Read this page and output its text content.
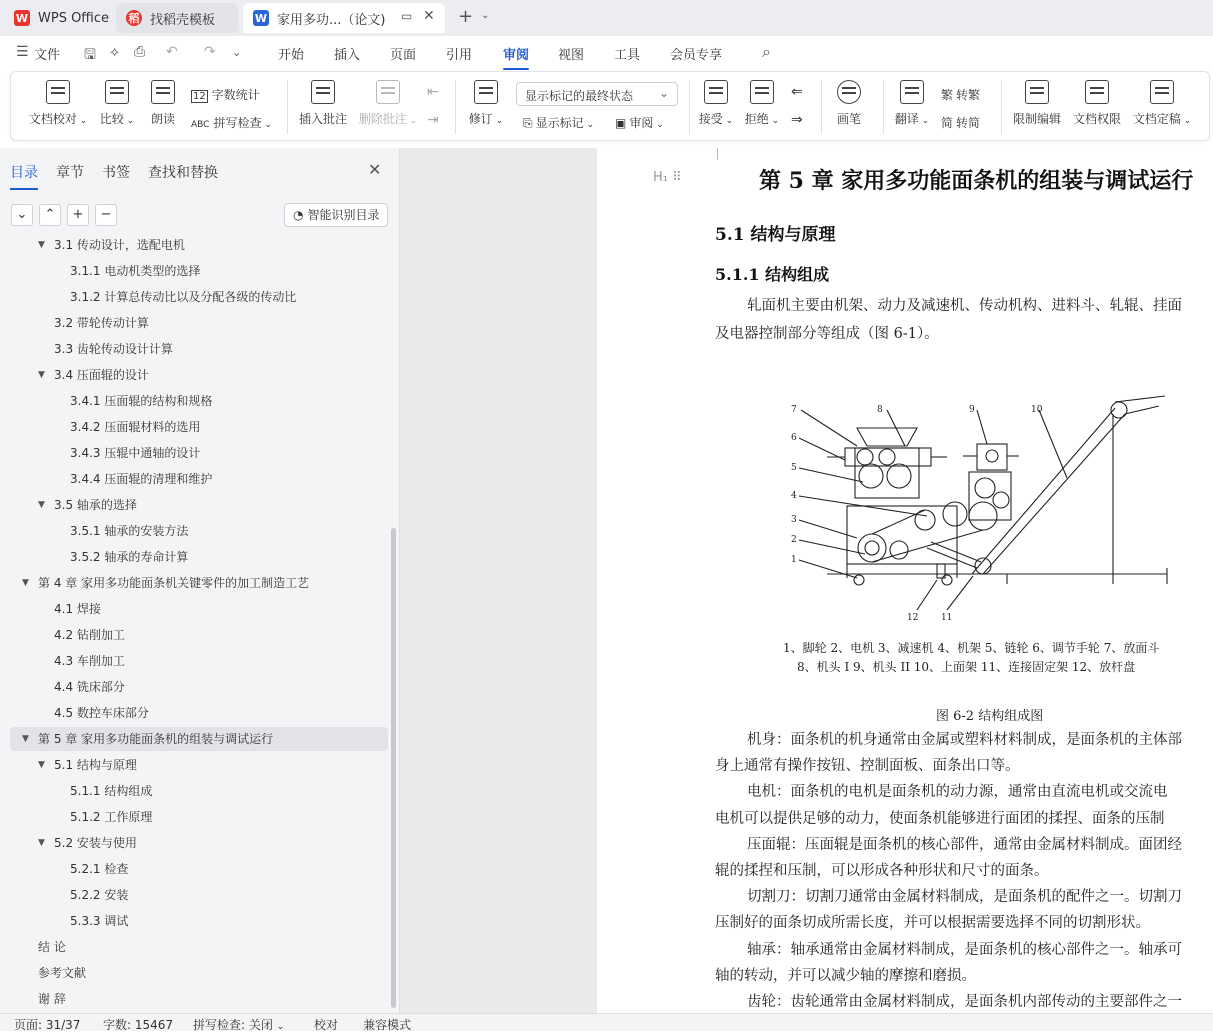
W WPS Office 稻 找稻壳模板	W 家用多功...（论文) ▭ ✕ + ⌄
☰ 文件 🖫 ⟡ ⎙ ↶ ↷ ⌄	开始 插入 页面 引用 审阅 视图 工具 会员专享 ⌕
文档校对 ⌄	比较 ⌄	朗读
12 字数统计
ABC 拼写检查 ⌄	插入批注 删除批注 ⌄
⇤
⇥	修订 ⌄
显示标记的最终状态 ⌄
⎘ 显示标记 ⌄ ▣ 审阅 ⌄	接受 ⌄ 拒绝 ⌄
⇐
⇒	画笔	翻译 ⌄
繁 转繁
简 转简	限制编辑 文档权限 文档定稿 ⌄
目录 章节 书签 查找和替换	✕
⌄	⌃	+	−	◔ 智能识别目录
▼ 3.1 传动设计，选配电机
3.1.1 电动机类型的选择
3.1.2 计算总传动比以及分配各级的传动比
3.2 带轮传动计算
3.3 齿轮传动设计计算
▼ 3.4 压面辊的设计
3.4.1 压面辊的结构和规格
3.4.2 压面辊材料的选用
3.4.3 压辊中通轴的设计
3.4.4 压面辊的清理和维护
▼ 3.5 轴承的选择
3.5.1 轴承的安装方法
3.5.2 轴承的寿命计算
▼ 第 4 章 家用多功能面条机关键零件的加工制造工艺
4.1 焊接
4.2 钻削加工
4.3 车削加工
4.4 铣床部分
4.5 数控车床部分
▼ 第 5 章 家用多功能面条机的组装与调试运行
▼ 5.1 结构与原理
5.1.1 结构组成
5.1.2 工作原理
▼ 5.2 安装与使用
5.2.1 检查
5.2.2 安装
5.3.3 调试
结 论
参考文献
谢 辞
H₁ ⠿	第 5 章 家用多功能面条机的组装与调试运行
5.1 结构与原理
5.1.1 结构组成
轧面机主要由机架、动力及减速机、传动机构、进料斗、轧辊、挂面
及电器控制部分等组成（图 6-1）。
1
2
3
4
5
6
7	8	9	10
11
12
1、脚轮 2、电机 3、减速机 4、机架 5、链轮 6、调节手轮 7、放面斗
8、机头 I 9、机头 II 10、上面架 11、连接固定架 12、放杆盘
图 6-2 结构组成图
机身：面条机的机身通常由金属或塑料材料制成，是面条机的主体部
身上通常有操作按钮、控制面板、面条出口等。
电机：面条机的电机是面条机的动力源，通常由直流电机或交流电
电机可以提供足够的动力，使面条机能够进行面团的揉捏、面条的压制
压面辊：压面辊是面条机的核心部件，通常由金属材料制成。面团经
辊的揉捏和压制，可以形成各种形状和尺寸的面条。
切割刀：切割刀通常由金属材料制成，是面条机的配件之一。切割刀
压制好的面条切成所需长度，并可以根据需要选择不同的切割形状。
轴承：轴承通常由金属材料制成，是面条机的核心部件之一。轴承可
轴的转动，并可以减少轴的摩擦和磨损。
齿轮：齿轮通常由金属材料制成，是面条机内部传动的主要部件之一
页面: 31/37 字数: 15467 拼写检查: 关闭 ⌄ 校对 兼容模式
